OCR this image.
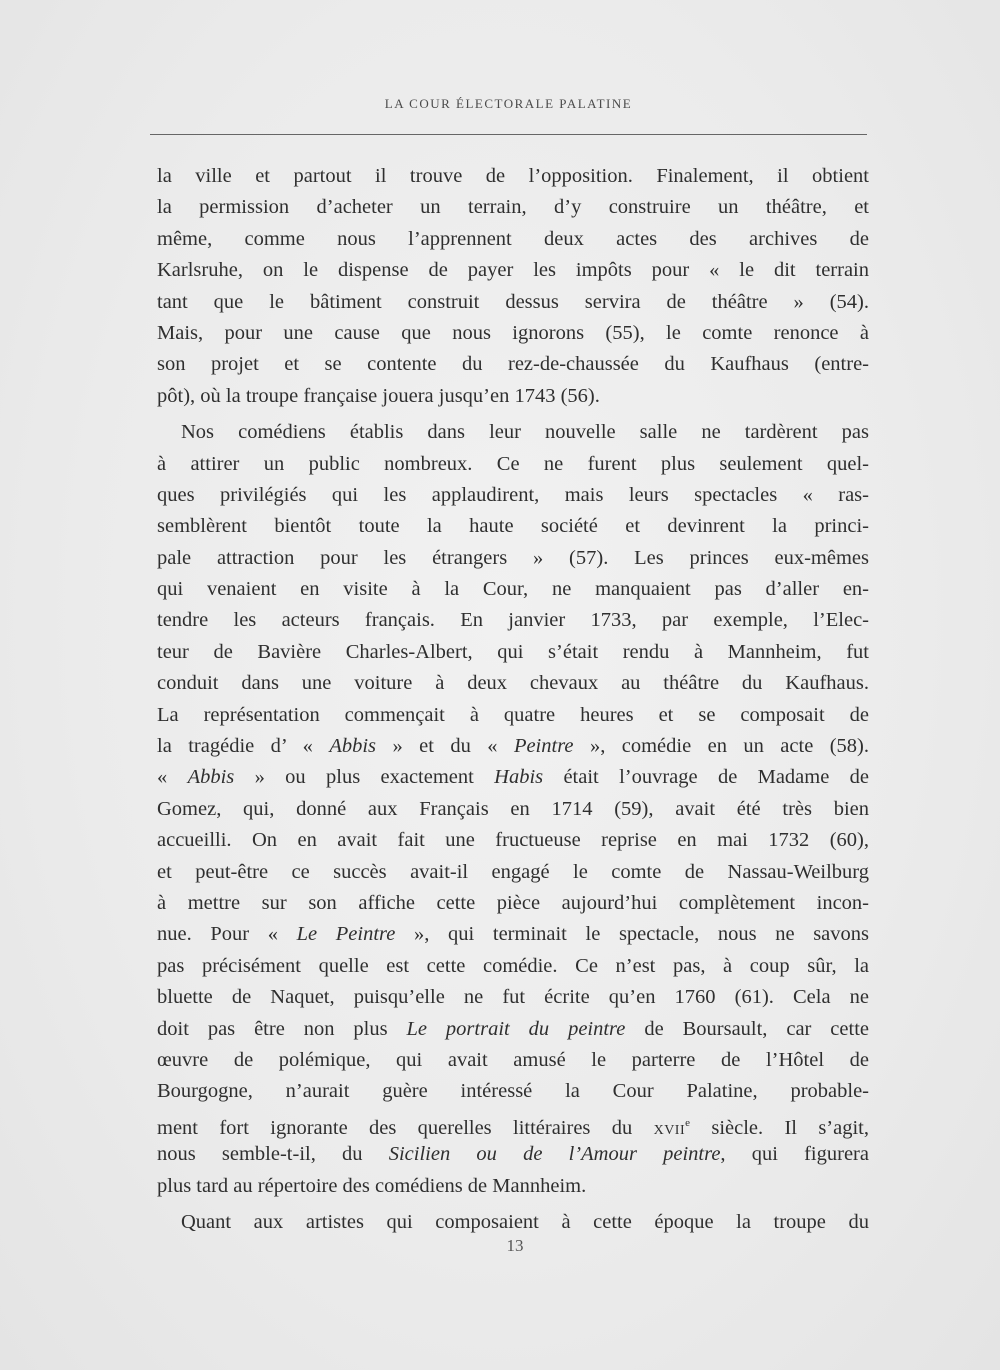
LA COUR ÉLECTORALE PALATINE
la ville et partout il trouve de l’opposition. Finalement, il obtient
la permission d’acheter un terrain, d’y construire un théâtre, et
même, comme nous l’apprennent deux actes des archives de
Karlsruhe, on le dispense de payer les impôts pour « le dit terrain
tant que le bâtiment construit dessus servira de théâtre » (54).
Mais, pour une cause que nous ignorons (55), le comte renonce à
son projet et se contente du rez-de-chaussée du Kaufhaus (entre-
pôt), où la troupe française jouera jusqu’en 1743 (56).
Nos comédiens établis dans leur nouvelle salle ne tardèrent pas
à attirer un public nombreux. Ce ne furent plus seulement quel-
ques privilégiés qui les applaudirent, mais leurs spectacles « ras-
semblèrent bientôt toute la haute société et devinrent la princi-
pale attraction pour les étrangers » (57). Les princes eux-mêmes
qui venaient en visite à la Cour, ne manquaient pas d’aller en-
tendre les acteurs français. En janvier 1733, par exemple, l’Elec-
teur de Bavière Charles-Albert, qui s’était rendu à Mannheim, fut
conduit dans une voiture à deux chevaux au théâtre du Kaufhaus.
La représentation commençait à quatre heures et se composait de
la tragédie d’ « Abbis » et du « Peintre », comédie en un acte (58).
« Abbis » ou plus exactement Habis était l’ouvrage de Madame de
Gomez, qui, donné aux Français en 1714 (59), avait été très bien
accueilli. On en avait fait une fructueuse reprise en mai 1732 (60),
et peut-être ce succès avait-il engagé le comte de Nassau-Weilburg
à mettre sur son affiche cette pièce aujourd’hui complètement incon-
nue. Pour « Le Peintre », qui terminait le spectacle, nous ne savons
pas précisément quelle est cette comédie. Ce n’est pas, à coup sûr, la
bluette de Naquet, puisqu’elle ne fut écrite qu’en 1760 (61). Cela ne
doit pas être non plus Le portrait du peintre de Boursault, car cette
œuvre de polémique, qui avait amusé le parterre de l’Hôtel de
Bourgogne, n’aurait guère intéressé la Cour Palatine, probable-
ment fort ignorante des querelles littéraires du XVIIe siècle. Il s’agit,
nous semble-t-il, du Sicilien ou de l’Amour peintre, qui figurera
plus tard au répertoire des comédiens de Mannheim.
Quant aux artistes qui composaient à cette époque la troupe du
13
